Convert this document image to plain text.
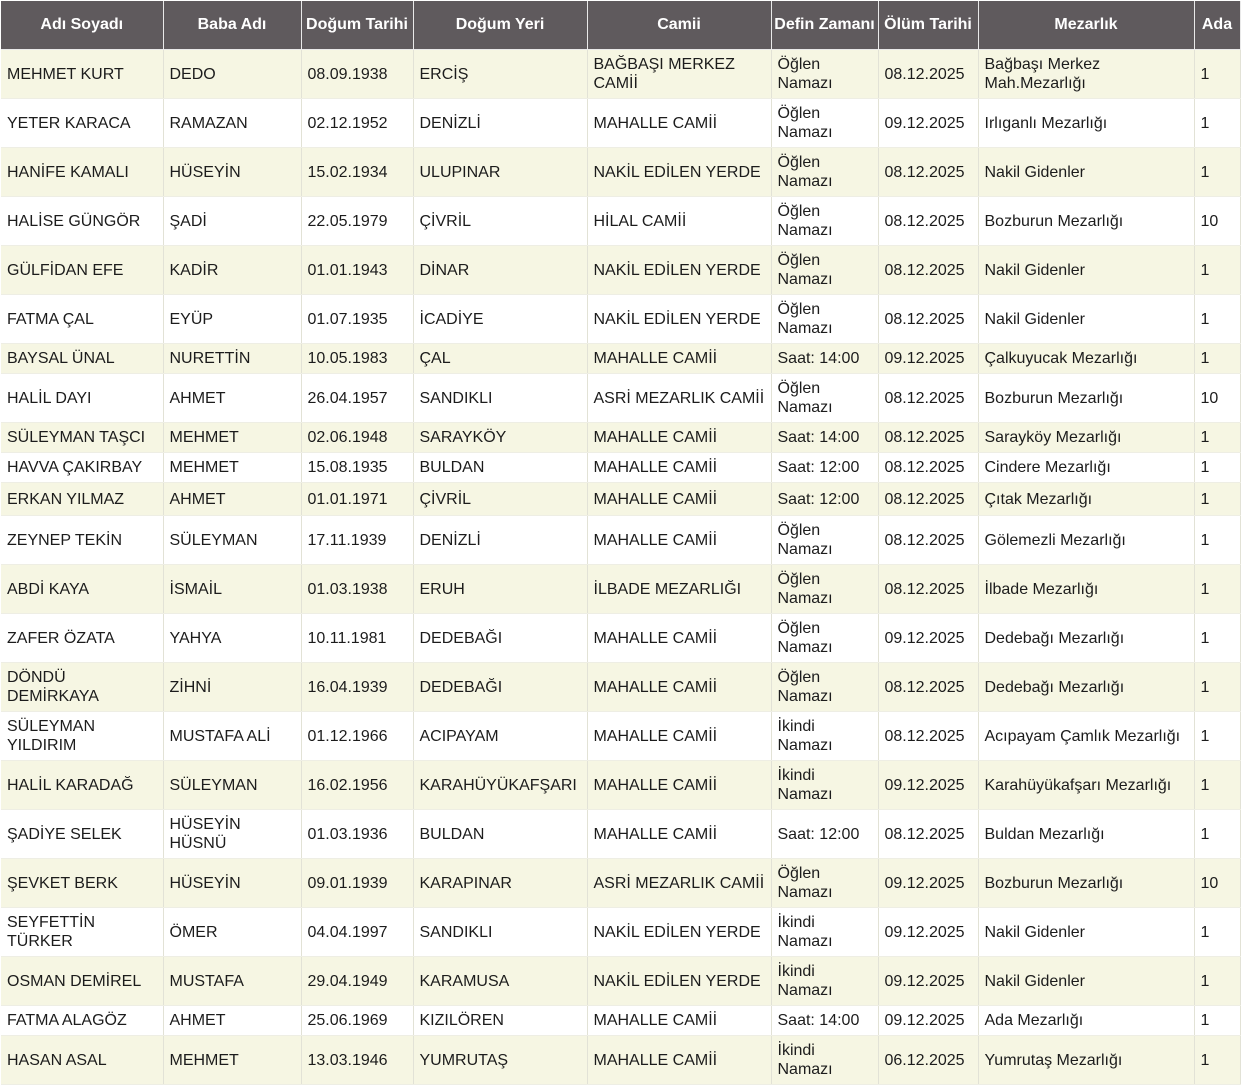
Adı Soyadı	Baba Adı	Doğum Tarihi	Doğum Yeri	Camii	Defin Zamanı	Ölüm Tarihi	Mezarlık	Ada
MEHMET KURT	DEDO	08.09.1938	ERCİŞ	BAĞBAŞI MERKEZ CAMİİ	Öğlen Namazı	08.12.2025	Bağbaşı Merkez Mah.Mezarlığı	1
YETER KARACA	RAMAZAN	02.12.1952	DENİZLİ	MAHALLE CAMİİ	Öğlen Namazı	09.12.2025	Irlıganlı Mezarlığı	1
HANİFE KAMALI	HÜSEYİN	15.02.1934	ULUPINAR	NAKİL EDİLEN YERDE	Öğlen Namazı	08.12.2025	Nakil Gidenler	1
HALİSE GÜNGÖR	ŞADİ	22.05.1979	ÇİVRİL	HİLAL CAMİİ	Öğlen Namazı	08.12.2025	Bozburun Mezarlığı	10
GÜLFİDAN EFE	KADİR	01.01.1943	DİNAR	NAKİL EDİLEN YERDE	Öğlen Namazı	08.12.2025	Nakil Gidenler	1
FATMA ÇAL	EYÜP	01.07.1935	İCADİYE	NAKİL EDİLEN YERDE	Öğlen Namazı	08.12.2025	Nakil Gidenler	1
BAYSAL ÜNAL	NURETTİN	10.05.1983	ÇAL	MAHALLE CAMİİ	Saat: 14:00	09.12.2025	Çalkuyucak Mezarlığı	1
HALİL DAYI	AHMET	26.04.1957	SANDIKLI	ASRİ MEZARLIK CAMİİ	Öğlen Namazı	08.12.2025	Bozburun Mezarlığı	10
SÜLEYMAN TAŞCI	MEHMET	02.06.1948	SARAYKÖY	MAHALLE CAMİİ	Saat: 14:00	08.12.2025	Sarayköy Mezarlığı	1
HAVVA ÇAKIRBAY	MEHMET	15.08.1935	BULDAN	MAHALLE CAMİİ	Saat: 12:00	08.12.2025	Cindere Mezarlığı	1
ERKAN YILMAZ	AHMET	01.01.1971	ÇİVRİL	MAHALLE CAMİİ	Saat: 12:00	08.12.2025	Çıtak Mezarlığı	1
ZEYNEP TEKİN	SÜLEYMAN	17.11.1939	DENİZLİ	MAHALLE CAMİİ	Öğlen Namazı	08.12.2025	Gölemezli Mezarlığı	1
ABDİ KAYA	İSMAİL	01.03.1938	ERUH	İLBADE MEZARLIĞI	Öğlen Namazı	08.12.2025	İlbade Mezarlığı	1
ZAFER ÖZATA	YAHYA	10.11.1981	DEDEBAĞI	MAHALLE CAMİİ	Öğlen Namazı	09.12.2025	Dedebağı Mezarlığı	1
DÖNDÜ DEMİRKAYA	ZİHNİ	16.04.1939	DEDEBAĞI	MAHALLE CAMİİ	Öğlen Namazı	08.12.2025	Dedebağı Mezarlığı	1
SÜLEYMAN YILDIRIM	MUSTAFA ALİ	01.12.1966	ACIPAYAM	MAHALLE CAMİİ	İkindi Namazı	08.12.2025	Acıpayam Çamlık Mezarlığı	1
HALİL KARADAĞ	SÜLEYMAN	16.02.1956	KARAHÜYÜKAFŞARI	MAHALLE CAMİİ	İkindi Namazı	09.12.2025	Karahüyükafşarı Mezarlığı	1
ŞADİYE SELEK	HÜSEYİN HÜSNÜ	01.03.1936	BULDAN	MAHALLE CAMİİ	Saat: 12:00	08.12.2025	Buldan Mezarlığı	1
ŞEVKET BERK	HÜSEYİN	09.01.1939	KARAPINAR	ASRİ MEZARLIK CAMİİ	Öğlen Namazı	09.12.2025	Bozburun Mezarlığı	10
SEYFETTİN TÜRKER	ÖMER	04.04.1997	SANDIKLI	NAKİL EDİLEN YERDE	İkindi Namazı	09.12.2025	Nakil Gidenler	1
OSMAN DEMİREL	MUSTAFA	29.04.1949	KARAMUSA	NAKİL EDİLEN YERDE	İkindi Namazı	09.12.2025	Nakil Gidenler	1
FATMA ALAGÖZ	AHMET	25.06.1969	KIZILÖREN	MAHALLE CAMİİ	Saat: 14:00	09.12.2025	Ada Mezarlığı	1
HASAN ASAL	MEHMET	13.03.1946	YUMRUTAŞ	MAHALLE CAMİİ	İkindi Namazı	06.12.2025	Yumrutaş Mezarlığı	1
